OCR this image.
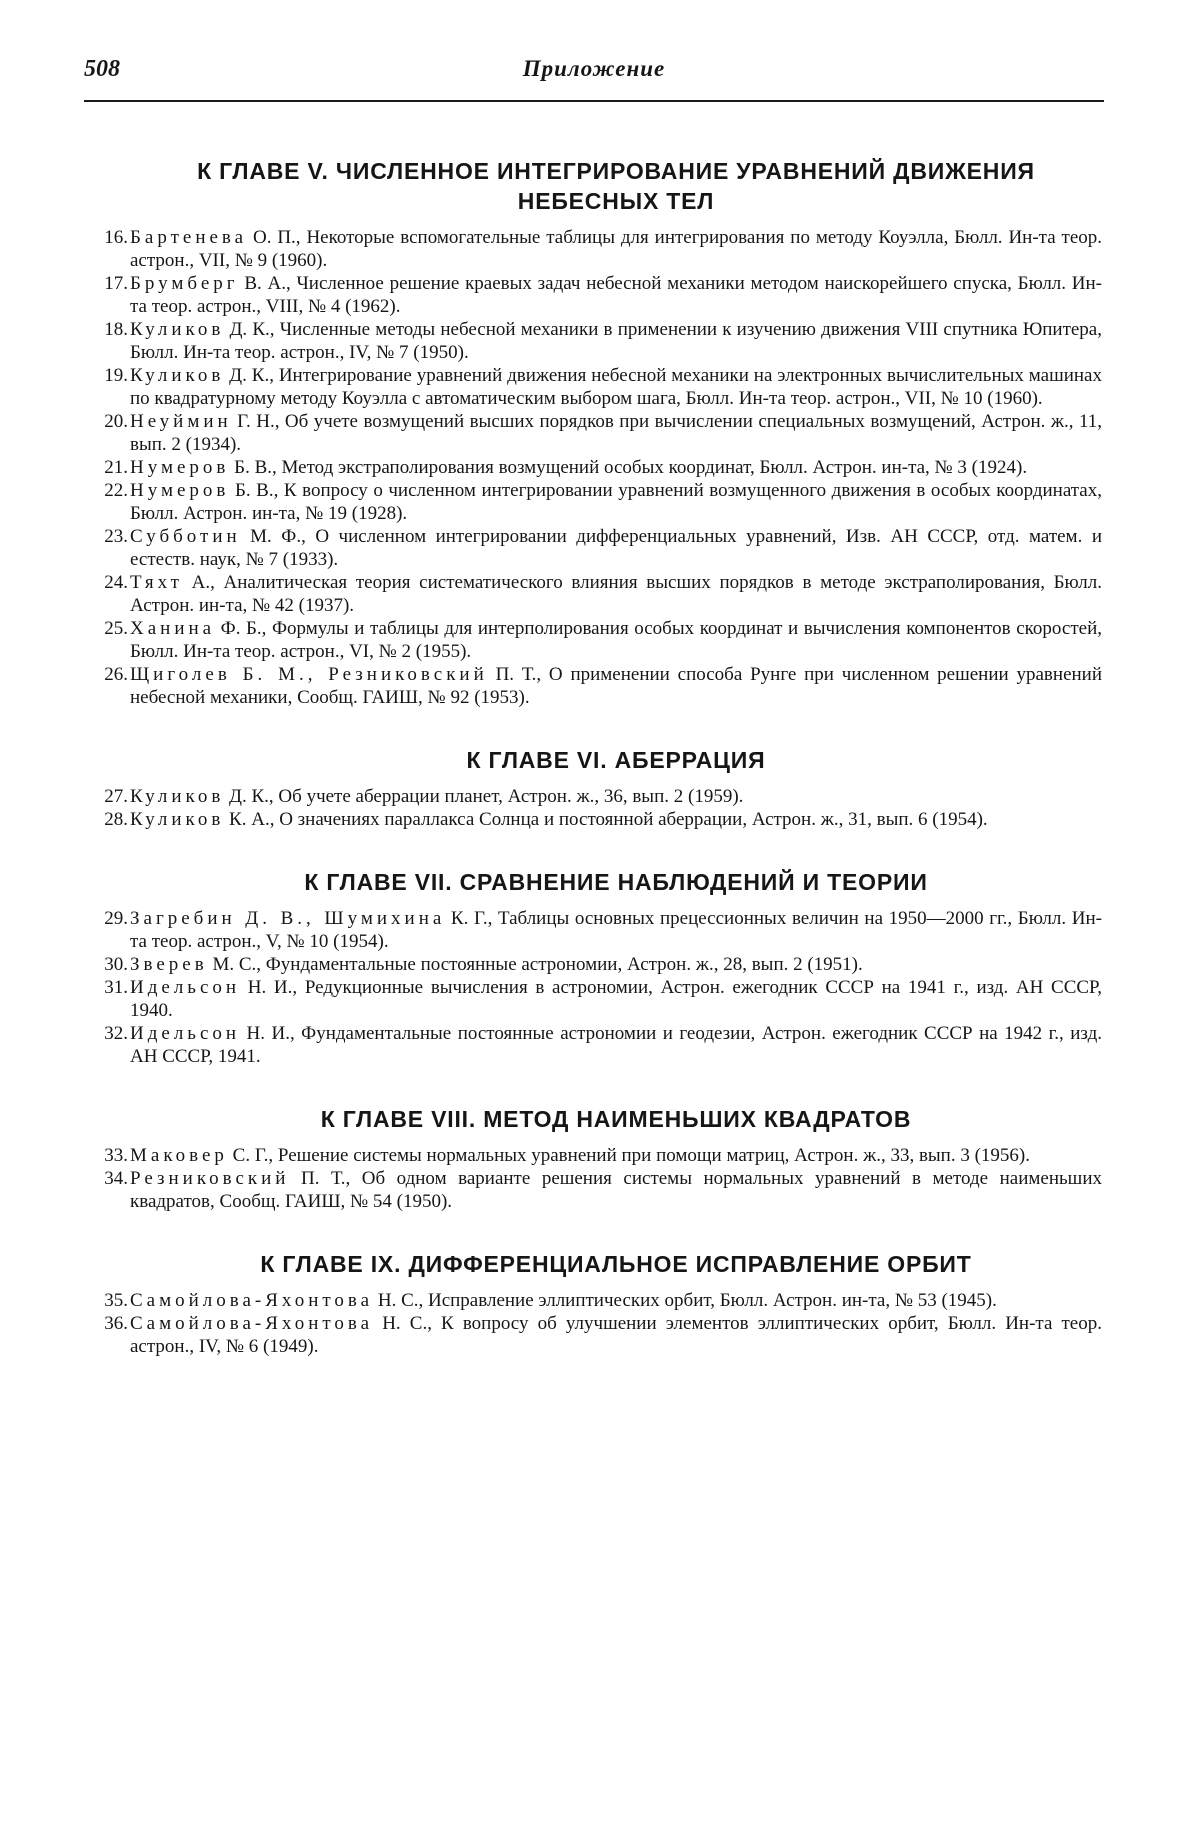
508	Приложение
К ГЛАВЕ V. ЧИСЛЕННОЕ ИНТЕГРИРОВАНИЕ УРАВНЕНИЙ ДВИЖЕНИЯ НЕБЕСНЫХ ТЕЛ
16. Бартенева О. П., Некоторые вспомогательные таблицы для интегрирования по методу Коуэлла, Бюлл. Ин-та теор. астрон., VII, № 9 (1960).
17. Брумберг В. А., Численное решение краевых задач небесной механики методом наискорейшего спуска, Бюлл. Ин-та теор. астрон., VIII, № 4 (1962).
18. Куликов Д. К., Численные методы небесной механики в применении к изучению движения VIII спутника Юпитера, Бюлл. Ин-та теор. астрон., IV, № 7 (1950).
19. Куликов Д. К., Интегрирование уравнений движения небесной механики на электронных вычислительных машинах по квадратурному методу Коуэлла с автоматическим выбором шага, Бюлл. Ин-та теор. астрон., VII, № 10 (1960).
20. Неуймин Г. Н., Об учете возмущений высших порядков при вычислении специальных возмущений, Астрон. ж., 11, вып. 2 (1934).
21. Нумеров Б. В., Метод экстраполирования возмущений особых координат, Бюлл. Астрон. ин-та, № 3 (1924).
22. Нумеров Б. В., К вопросу о численном интегрировании уравнений возмущенного движения в особых координатах, Бюлл. Астрон. ин-та, № 19 (1928).
23. Субботин М. Ф., О численном интегрировании дифференциальных уравнений, Изв. АН СССР, отд. матем. и естеств. наук, № 7 (1933).
24. Тяхт А., Аналитическая теория систематического влияния высших порядков в методе экстраполирования, Бюлл. Астрон. ин-та, № 42 (1937).
25. Ханина Ф. Б., Формулы и таблицы для интерполирования особых координат и вычисления компонентов скоростей, Бюлл. Ин-та теор. астрон., VI, № 2 (1955).
26. Щиголев Б. М., Резниковский П. Т., О применении способа Рунге при численном решении уравнений небесной механики, Сообщ. ГАИШ, № 92 (1953).
К ГЛАВЕ VI. АБЕРРАЦИЯ
27. Куликов Д. К., Об учете аберрации планет, Астрон. ж., 36, вып. 2 (1959).
28. Куликов К. А., О значениях параллакса Солнца и постоянной аберрации, Астрон. ж., 31, вып. 6 (1954).
К ГЛАВЕ VII. СРАВНЕНИЕ НАБЛЮДЕНИЙ И ТЕОРИИ
29. Загребин Д. В., Шумихина К. Г., Таблицы основных прецессионных величин на 1950—2000 гг., Бюлл. Ин-та теор. астрон., V, № 10 (1954).
30. Зверев М. С., Фундаментальные постоянные астрономии, Астрон. ж., 28, вып. 2 (1951).
31. Идельсон Н. И., Редукционные вычисления в астрономии, Астрон. ежегодник СССР на 1941 г., изд. АН СССР, 1940.
32. Идельсон Н. И., Фундаментальные постоянные астрономии и геодезии, Астрон. ежегодник СССР на 1942 г., изд. АН СССР, 1941.
К ГЛАВЕ VIII. МЕТОД НАИМЕНЬШИХ КВАДРАТОВ
33. Маковер С. Г., Решение системы нормальных уравнений при помощи матриц, Астрон. ж., 33, вып. 3 (1956).
34. Резниковский П. Т., Об одном варианте решения системы нормальных уравнений в методе наименьших квадратов, Сообщ. ГАИШ, № 54 (1950).
К ГЛАВЕ IX. ДИФФЕРЕНЦИАЛЬНОЕ ИСПРАВЛЕНИЕ ОРБИТ
35. Самойлова-Яхонтова Н. С., Исправление эллиптических орбит, Бюлл. Астрон. ин-та, № 53 (1945).
36. Самойлова-Яхонтова Н. С., К вопросу об улучшении элементов эллиптических орбит, Бюлл. Ин-та теор. астрон., IV, № 6 (1949).
